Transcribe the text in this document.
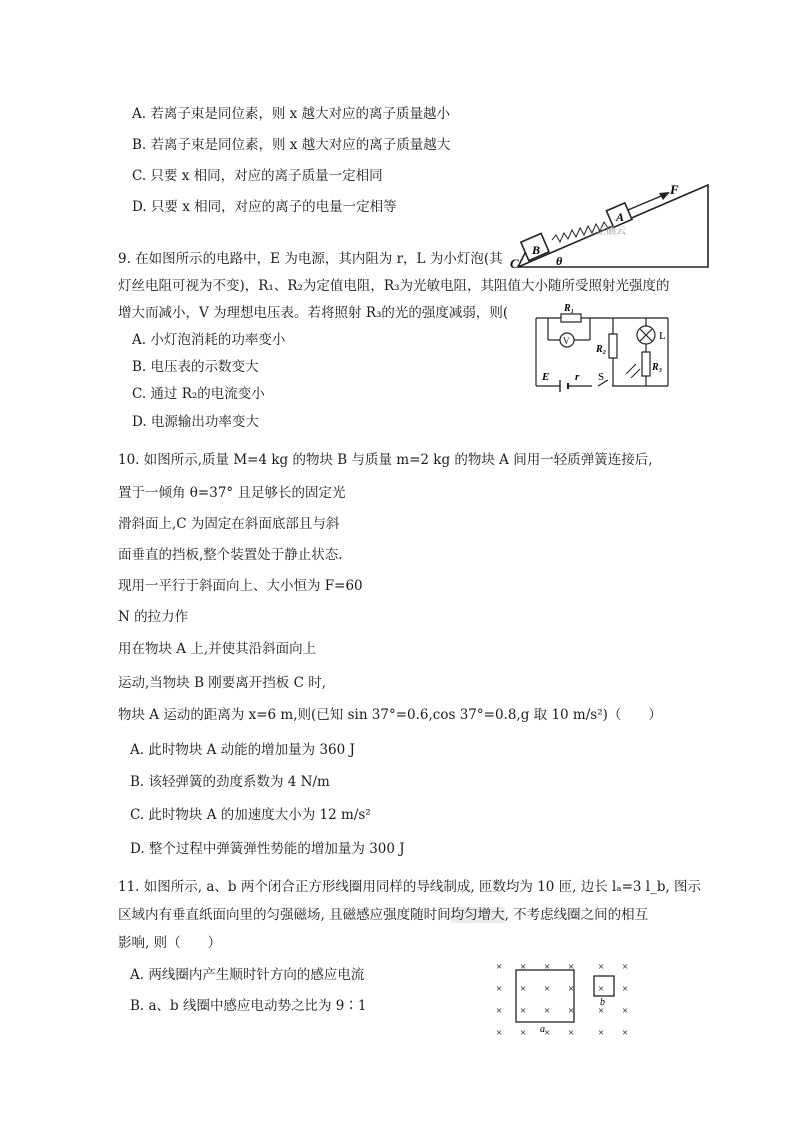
A. 若离子束是同位素，则 x 越大对应的离子质量越小
B. 若离子束是同位素，则 x 越大对应的离子质量越大
C. 只要 x 相同，对应的离子质量一定相同
D. 只要 x 相同，对应的离子的电量一定相等
F
A
B
C	θ
正确云
9. 在如图所示的电路中，E 为电源，其内阻为 r，L 为小灯泡(其
灯丝电阻可视为不变)，R₁、R₂为定值电阻，R₃为光敏电阻，其阻值大小随所受照射光强度的
增大而减小，V 为理想电压表。若将照射 R₃的光的强度减弱，则(
A. 小灯泡消耗的功率变小
B. 电压表的示数变大
C. 通过 R₂的电流变小
D. 电源输出功率变大
R₁
V
R₂
L
R₃
E r S
10. 如图所示,质量 M=4 kg 的物块 B 与质量 m=2 kg 的物块 A 间用一轻质弹簧连接后,
置于一倾角 θ=37° 且足够长的固定光
滑斜面上,C 为固定在斜面底部且与斜
面垂直的挡板,整个装置处于静止状态.
现用一平行于斜面向上、大小恒为 F=60
N 的拉力作
用在物块 A 上,并使其沿斜面向上
运动,当物块 B 刚要离开挡板 C 时,
物块 A 运动的距离为 x=6 m,则(已知 sin 37°=0.6,cos 37°=0.8,g 取 10 m/s²)（　　）
A. 此时物块 A 动能的增加量为 360 J
B. 该轻弹簧的劲度系数为 4 N/m
C. 此时物块 A 的加速度大小为 12 m/s²
D. 整个过程中弹簧弹性势能的增加量为 300 J
11. 如图所示, a、b 两个闭合正方形线圈用同样的导线制成, 匝数均为 10 匝, 边长 lₐ=3 l_b, 图示
区域内有垂直纸面向里的匀强磁场, 且磁感应强度随时间均匀增大, 不考虑线圈之间的相互
影响, 则（　　）
A. 两线圈内产生顺时针方向的感应电流
B. a、b 线圈中感应电动势之比为 9∶1
× × × × × ×
× × × × × ×
× × × × × ×
× × × × × ×
a
b
